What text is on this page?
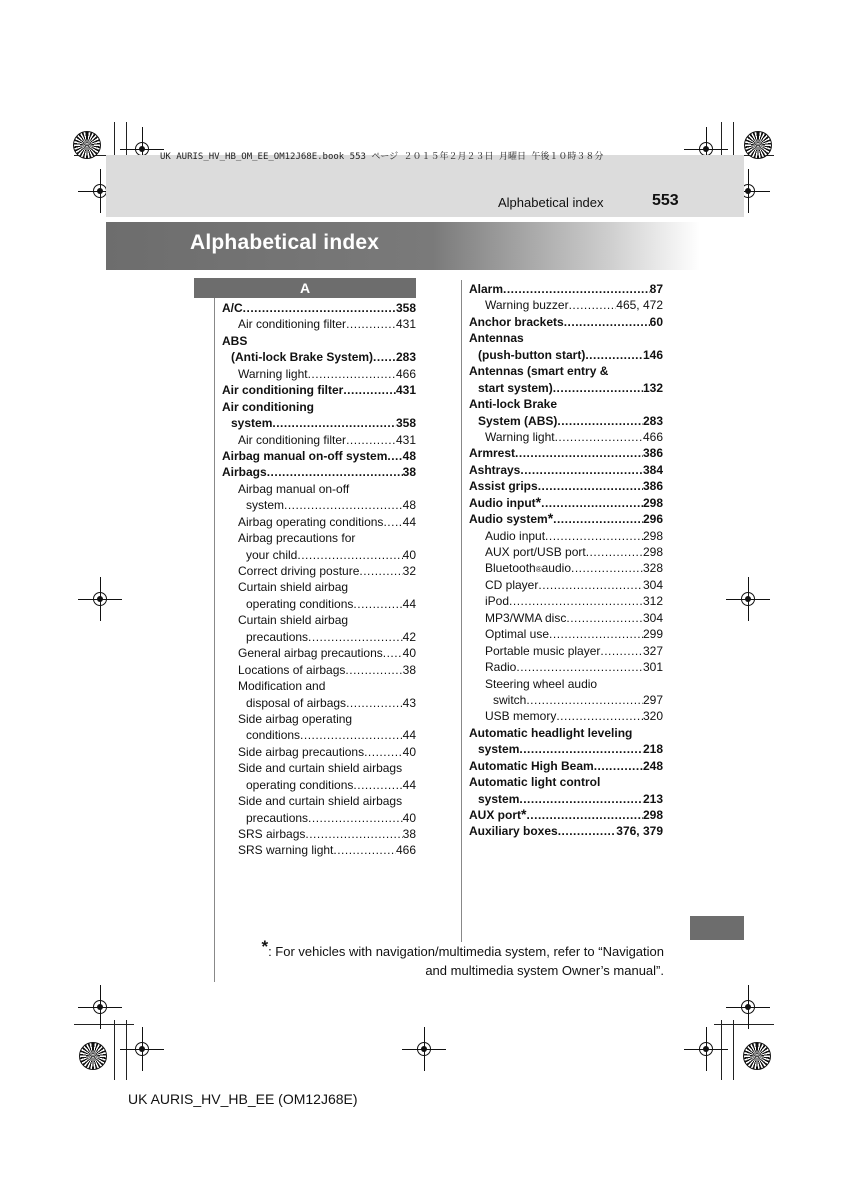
UK AURIS_HV_HB_OM_EE_OM12J68E.book 553 ページ ２０１５年２月２３日 月曜日 午後１０時３８分
Alphabetical index	553
Alphabetical index
A
A/C .....	358
Air conditioning filter .....	431
ABS
(Anti-lock Brake System) ..... 283
Warning light .....	466
Air conditioning filter .....	431
Air conditioning
system .....	358
Air conditioning filter .....	431
Airbag manual on-off system ..... 48
Airbags .....	38
Airbag manual on-off
system .....	48
Airbag operating conditions ..... 44
Airbag precautions for
your child .....	40
Correct driving posture .....	32
Curtain shield airbag
operating conditions .....	44
Curtain shield airbag
precautions .....	42
General airbag precautions ..... 40
Locations of airbags .....	38
Modification and
disposal of airbags .....	43
Side airbag operating
conditions .....	44
Side airbag precautions .....	40
Side and curtain shield airbags
operating conditions .....	44
Side and curtain shield airbags
precautions .....	40
SRS airbags .....	38
SRS warning light .....	466
Alarm .....	87
Warning buzzer .....	465, 472
Anchor brackets .....	60
Antennas
(push-button start) .....	146
Antennas (smart entry &
start system) .....	132
Anti-lock Brake
System (ABS) .....	283
Warning light .....	466
Armrest .....	386
Ashtrays .....	384
Assist grips .....	386
Audio input * .....	298
Audio system * .....	296
Audio input .....	298
AUX port/USB port .....	298
Bluetooth ® audio .....	328
CD player .....	304
iPod .....	312
MP3/WMA disc .....	304
Optimal use .....	299
Portable music player .....	327
Radio .....	301
Steering wheel audio
switch .....	297
USB memory .....	320
Automatic headlight leveling
system .....	218
Automatic High Beam .....	248
Automatic light control
system .....	213
AUX port * .....	298
Auxiliary boxes .....	376, 379
*: For vehicles with navigation/multimedia system, refer to “Navigation
and multimedia system Owner’s manual”.
UK AURIS_HV_HB_EE (OM12J68E)
